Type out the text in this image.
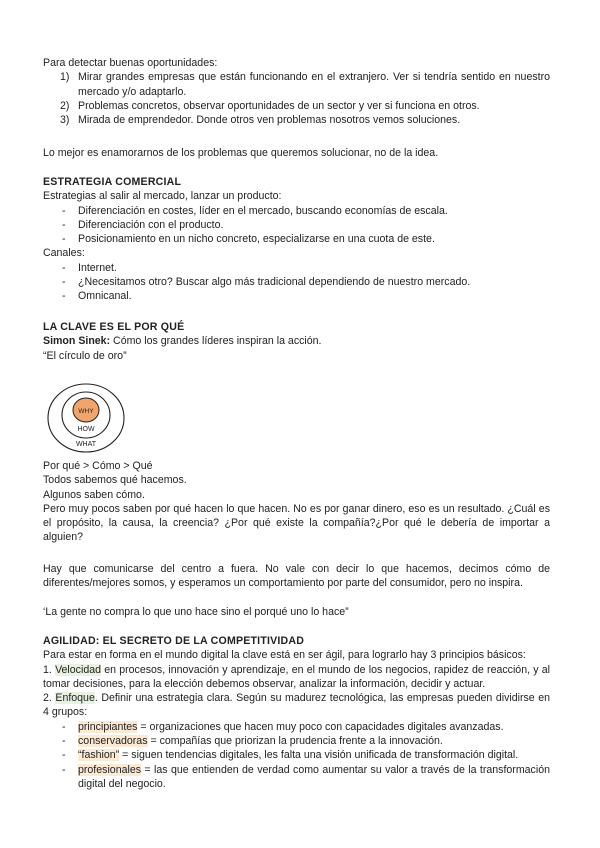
Para detectar buenas oportunidades:

1) Mirar grandes empresas que están funcionando en el extranjero. Ver si tendría sentido en nuestro mercado y/o adaptarlo.
2) Problemas concretos, observar oportunidades de un sector y ver si funciona en otros.
3) Mirada de emprendedor. Donde otros ven problemas nosotros vemos soluciones.
Lo mejor es enamorarnos de los problemas que queremos solucionar, no de la idea.

ESTRATEGIA COMERCIAL

Estrategias al salir al mercado, lanzar un producto:

- Diferenciación en costes, líder en el mercado, buscando economías de escala.
- Diferenciación con el producto.
- Posicionamiento en un nicho concreto, especializarse en una cuota de este.

Canales:

- Internet.
- ¿Necesitamos otro? Buscar algo más tradicional dependiendo de nuestro mercado.
- Omnicanal.

LA CLAVE ES EL POR QUÉ

Simon Sinek: Cómo los grandes líderes inspiran la acción.

“El círculo de oro”

WHY
HOW
WHAT

Por qué > Cómo > Qué

Todos sabemos qué hacemos.

Algunos saben cómo.

Pero muy pocos saben por qué hacen lo que hacen. No es por ganar dinero, eso es un resultado. ¿Cuál es el propósito, la causa, la creencia? ¿Por qué existe la compañía?¿Por qué le debería de importar a alguien?

Hay que comunicarse del centro a fuera. No vale con decir lo que hacemos, decimos cómo de diferentes/mejores somos, y esperamos un comportamiento por parte del consumidor, pero no inspira.
‘La gente no compra lo que uno hace sino el porqué uno lo hace”

AGILIDAD: EL SECRETO DE LA COMPETITIVIDAD

Para estar en forma en el mundo digital la clave está en ser ágil, para lograrlo hay 3 principios básicos:

1. Velocidad en procesos, innovación y aprendizaje, en el mundo de los negocios, rapidez de reacción, y al tomar decisiones, para la elección debemos observar, analizar la información, decidir y actuar.

2. Enfoque. Definir una estrategia clara. Según su madurez tecnológica, las empresas pueden dividirse en 4 grupos:

- principiantes = organizaciones que hacen muy poco con capacidades digitales avanzadas.
- conservadoras = compañías que priorizan la prudencia frente a la innovación.
- “fashion” = siguen tendencias digitales, les falta una visión unificada de transformación digital.
- profesionales = las que entienden de verdad como aumentar su valor a través de la transformación digital del negocio.
